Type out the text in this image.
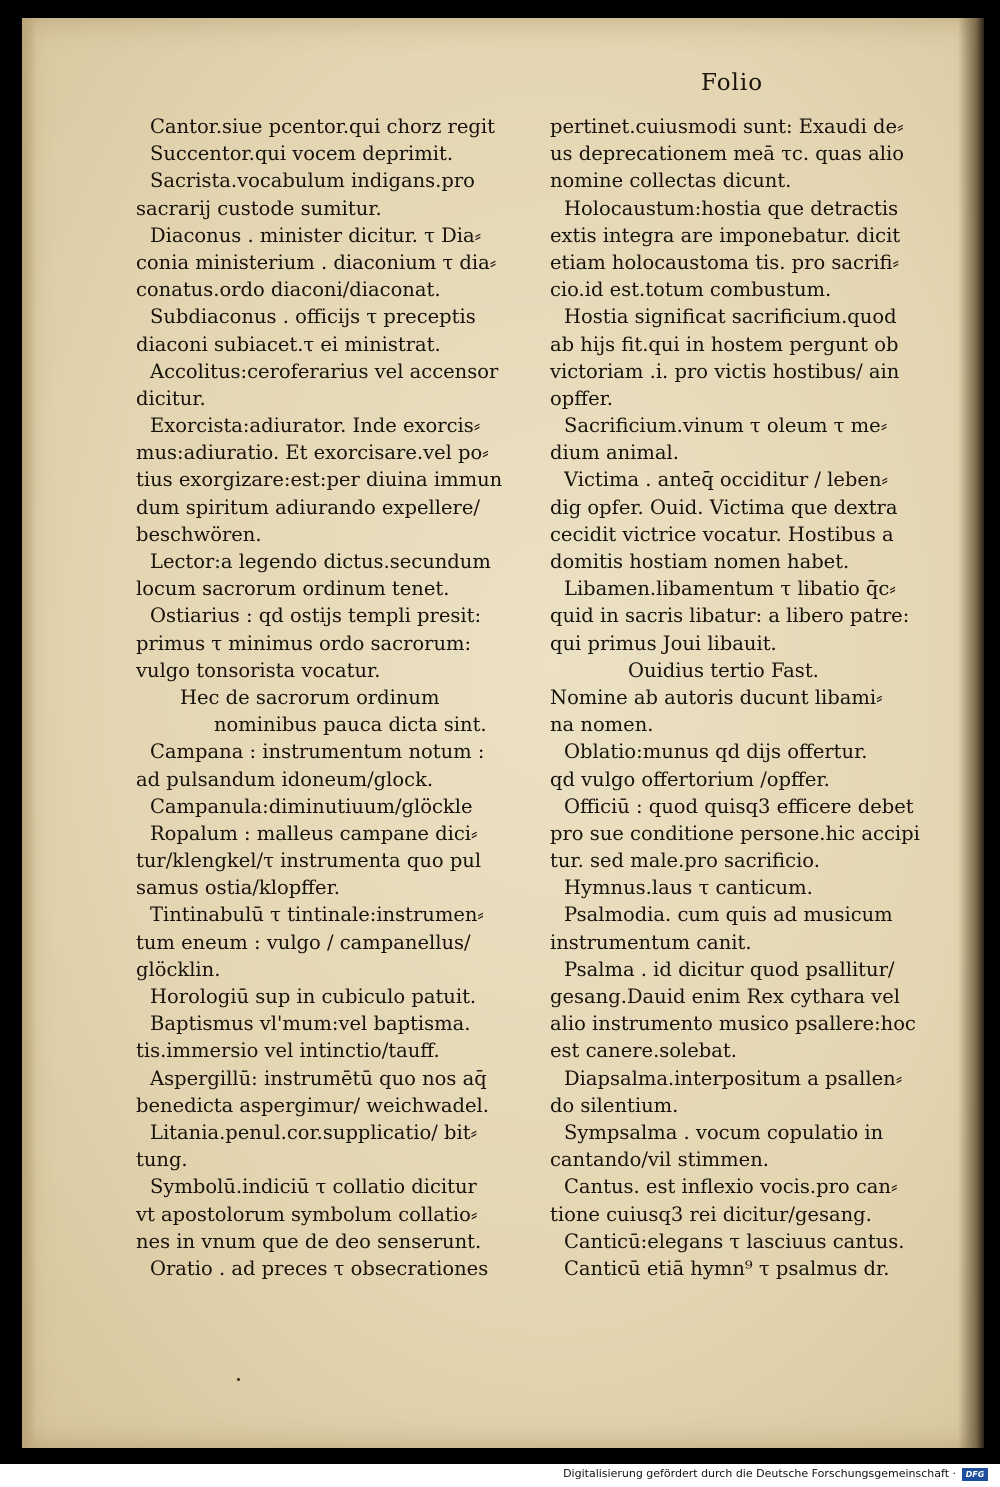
Folio
Cantor.siue pcentor.qui chorz regit
Succentor.qui vocem deprimit.
Sacrista.vocabulum indigans.pro
sacrarij custode sumitur.
Diaconus . minister dicitur. τ Dia⸗
conia ministerium . diaconium τ dia⸗
conatus.ordo diaconi/diaconat.
Subdiaconus . officijs τ preceptis
diaconi subiacet.τ ei ministrat.
Accolitus:ceroferarius vel accensor
dicitur.
Exorcista:adiurator. Inde exorcis⸗
mus:adiuratio. Et exorcisare.vel po⸗
tius exorgizare:est:per diuina immun
dum spiritum adiurando expellere/
beschwören.
Lector:a legendo dictus.secundum
locum sacrorum ordinum tenet.
Ostiarius : qd ostijs templi presit:
primus τ minimus ordo sacrorum:
vulgo tonsorista vocatur.
Hec de sacrorum ordinum
nominibus pauca dicta sint.
Campana : instrumentum notum :
ad pulsandum idoneum/glock.
Campanula:diminutiuum/glöckle
Ropalum : malleus campane dici⸗
tur/klengkel/τ instrumenta quo pul
samus ostia/klopffer.
Tintinabulū τ tintinale:instrumen⸗
tum eneum : vulgo / campanellus/
glöcklin.
Horologiū sup in cubiculo patuit.
Baptismus vl'mum:vel baptisma.
tis.immersio vel intinctio/tauff.
Aspergillū: instrumētū quo nos aq̄
benedicta aspergimur/ weichwadel.
Litania.penul.cor.supplicatio/ bit⸗
tung.
Symbolū.indiciū τ collatio dicitur
vt apostolorum symbolum collatio⸗
nes in vnum que de deo senserunt.
Oratio . ad preces τ obsecrationes
pertinet.cuiusmodi sunt: Exaudi de⸗
us deprecationem meā τc. quas alio
nomine collectas dicunt.
Holocaustum:hostia que detractis
extis integra are imponebatur. dicit
etiam holocaustoma tis. pro sacrifi⸗
cio.id est.totum combustum.
Hostia significat sacrificium.quod
ab hijs fit.qui in hostem pergunt ob
victoriam .i. pro victis hostibus/ ain
opffer.
Sacrificium.vinum τ oleum τ me⸗
dium animal.
Victima . anteq̄ occiditur / leben⸗
dig opfer. Ouid. Victima que dextra
cecidit victrice vocatur. Hostibus a
domitis hostiam nomen habet.
Libamen.libamentum τ libatio q̄c⸗
quid in sacris libatur: a libero patre:
qui primus Joui libauit.
Ouidius tertio Fast.
Nomine ab autoris ducunt libami⸗
na nomen.
Oblatio:munus qd dijs offertur.
qd vulgo offertorium /opffer.
Officiū : quod quisq3 efficere debet
pro sue conditione persone.hic accipi
tur. sed male.pro sacrificio.
Hymnus.laus τ canticum.
Psalmodia. cum quis ad musicum
instrumentum canit.
Psalma . id dicitur quod psallitur/
gesang.Dauid enim Rex cythara vel
alio instrumento musico psallere:hoc
est canere.solebat.
Diapsalma.interpositum a psallen⸗
do silentium.
Sympsalma . vocum copulatio in
cantando/vil stimmen.
Cantus. est inflexio vocis.pro can⸗
tione cuiusq3 rei dicitur/gesang.
Canticū:elegans τ lasciuus cantus.
Canticū etiā hymn⁹ τ psalmus dr.
Digitalisierung gefördert durch die Deutsche Forschungsgemeinschaft ·	DFG
